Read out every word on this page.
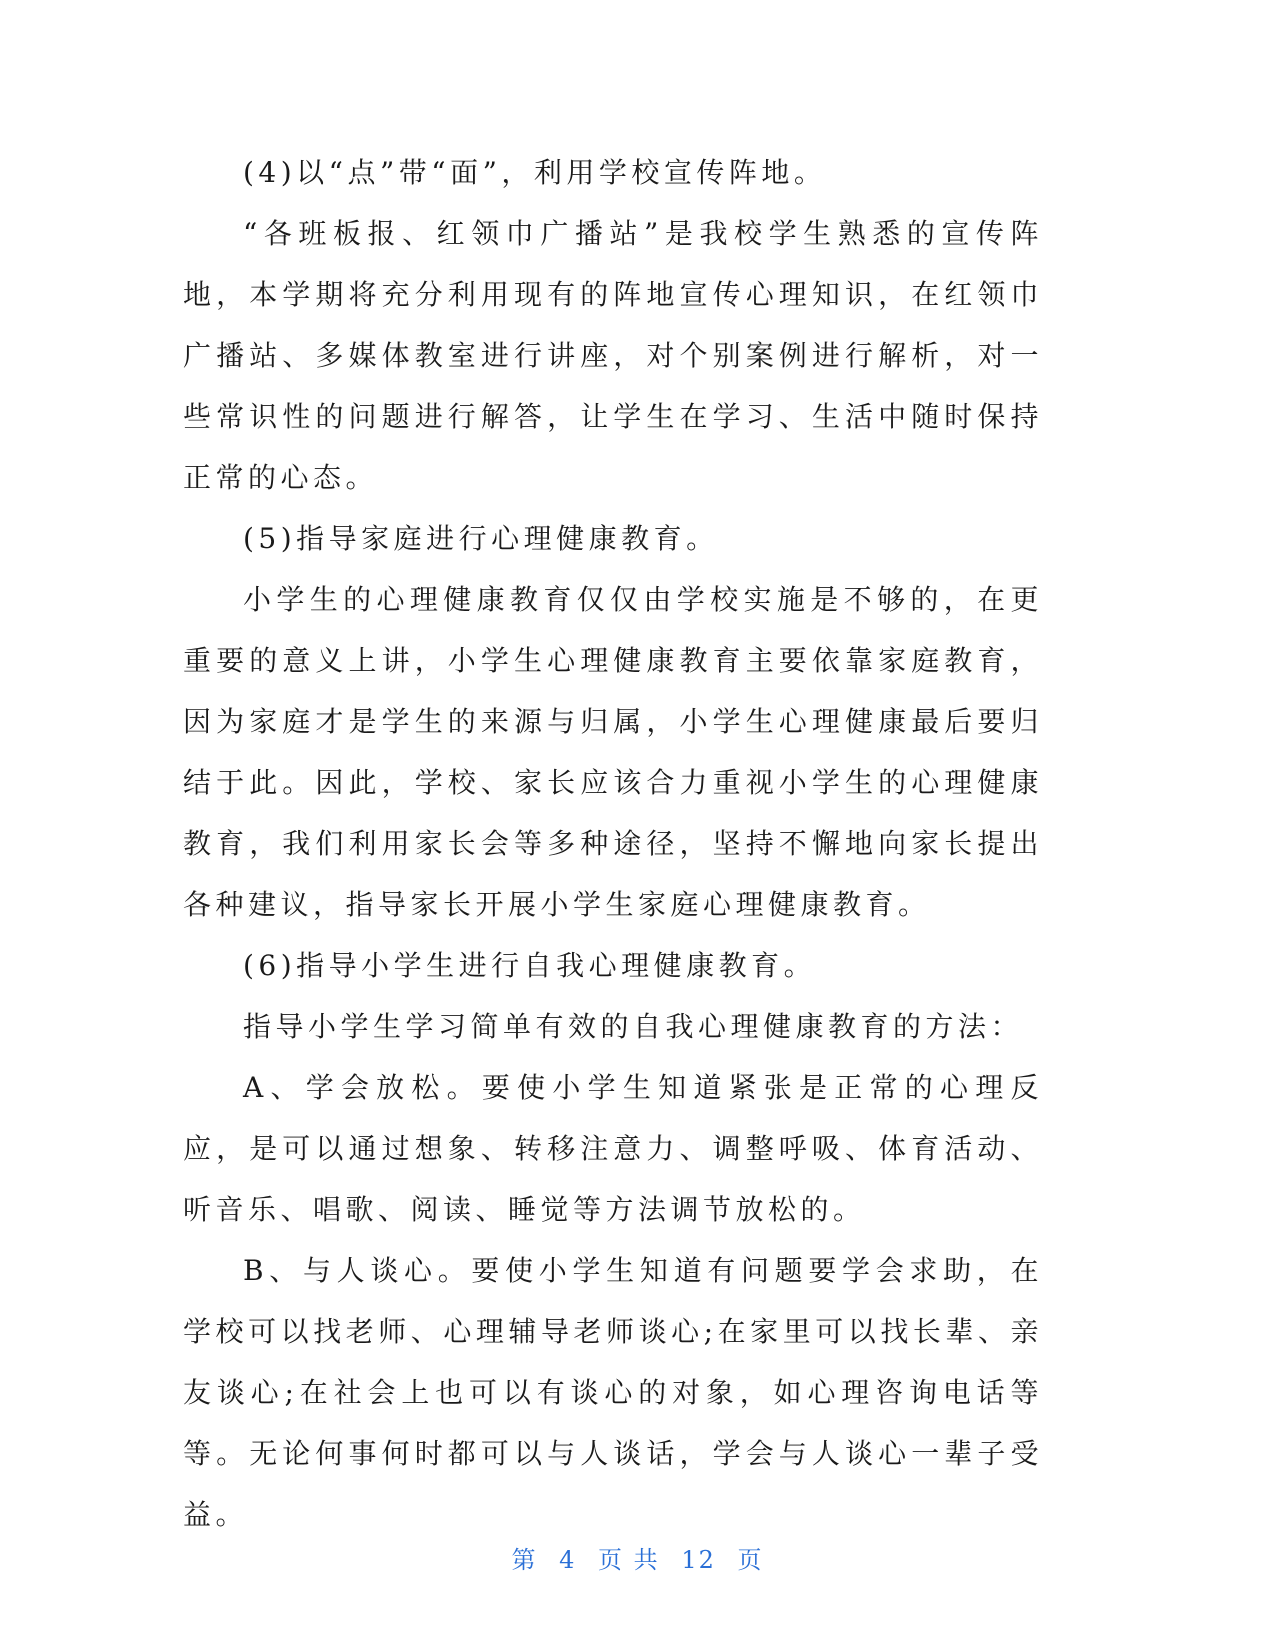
(4)以“点”带“面”，利用学校宣传阵地。

“各班板报、红领巾广播站”是我校学生熟悉的宣传阵地，本学期将充分利用现有的阵地宣传心理知识，在红领巾广播站、多媒体教室进行讲座，对个别案例进行解析，对一些常识性的问题进行解答，让学生在学习、生活中随时保持正常的心态。

(5)指导家庭进行心理健康教育。

小学生的心理健康教育仅仅由学校实施是不够的，在更重要的意义上讲，小学生心理健康教育主要依靠家庭教育，因为家庭才是学生的来源与归属，小学生心理健康最后要归结于此。因此，学校、家长应该合力重视小学生的心理健康教育，我们利用家长会等多种途径，坚持不懈地向家长提出各种建议，指导家长开展小学生家庭心理健康教育。

(6)指导小学生进行自我心理健康教育。

指导小学生学习简单有效的自我心理健康教育的方法：

A、学会放松。要使小学生知道紧张是正常的心理反应，是可以通过想象、转移注意力、调整呼吸、体育活动、听音乐、唱歌、阅读、睡觉等方法调节放松的。

B、与人谈心。要使小学生知道有问题要学会求助，在学校可以找老师、心理辅导老师谈心;在家里可以找长辈、亲友谈心;在社会上也可以有谈心的对象，如心理咨询电话等等。无论何事何时都可以与人谈话，学会与人谈心一辈子受益。

第 4 页 共 12 页
